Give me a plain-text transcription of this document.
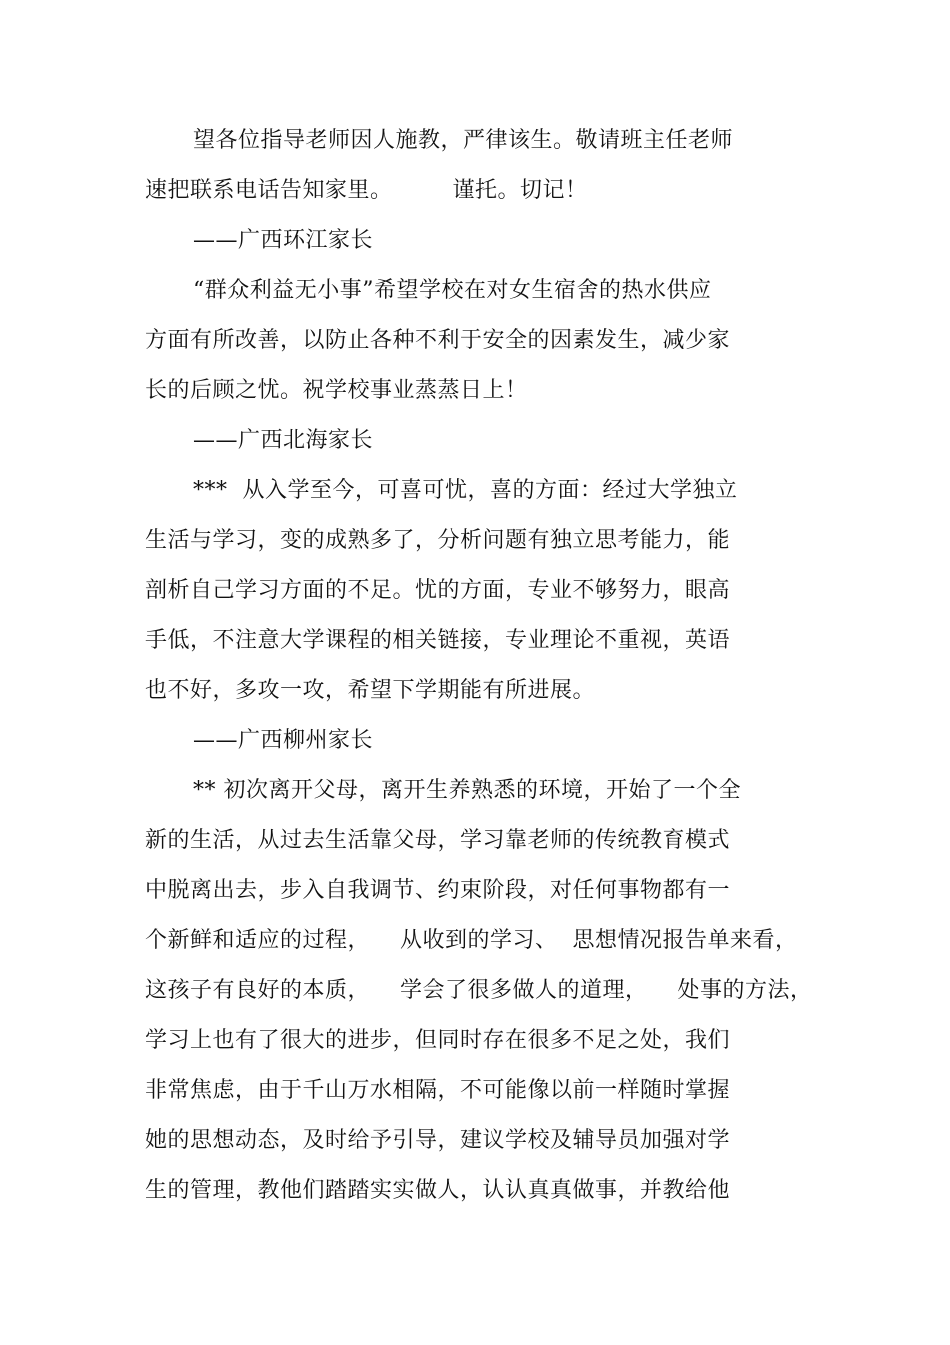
望各位指导老师因人施教，严律该生。敬请班主任老师
速把联系电话告知家里。        谨托。切记！
——广西环江家长
“群众利益无小事”希望学校在对女生宿舍的热水供应
方面有所改善，以防止各种不利于安全的因素发生，减少家
长的后顾之忧。祝学校事业蒸蒸日上！
——广西北海家长
***  从入学至今，可喜可忧，喜的方面：经过大学独立
生活与学习，变的成熟多了，分析问题有独立思考能力，能
剖析自己学习方面的不足。忧的方面，专业不够努力，眼高
手低，不注意大学课程的相关链接，专业理论不重视，英语
也不好，多攻一攻，希望下学期能有所进展。
——广西柳州家长
** 初次离开父母，离开生养熟悉的环境，开始了一个全
新的生活，从过去生活靠父母，学习靠老师的传统教育模式
中脱离出去，步入自我调节、约束阶段，对任何事物都有一
个新鲜和适应的过程，    从收到的学习、  思想情况报告单来看，
这孩子有良好的本质，    学会了很多做人的道理，    处事的方法，
学习上也有了很大的进步，但同时存在很多不足之处，我们
非常焦虑，由于千山万水相隔，不可能像以前一样随时掌握
她的思想动态，及时给予引导，建议学校及辅导员加强对学
生的管理，教他们踏踏实实做人，认认真真做事，并教给他
